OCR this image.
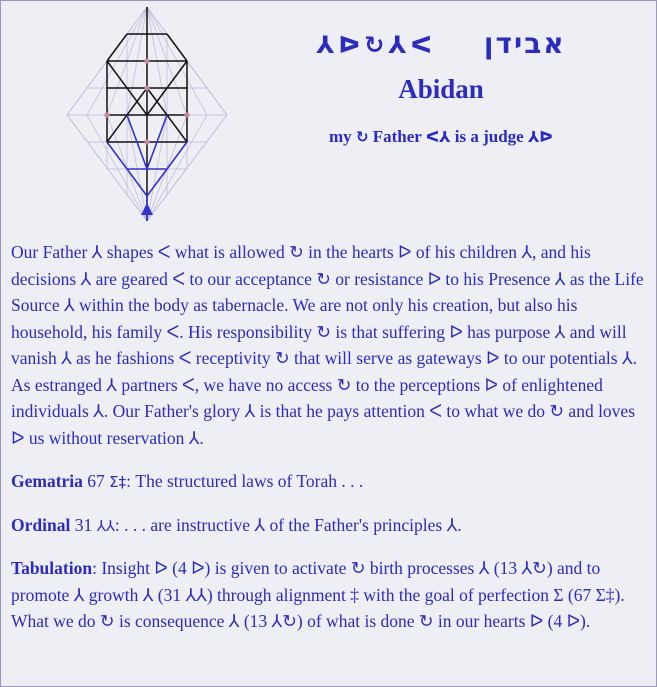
⅄ᐅ↻⅄ᐸ אבידן
Abidan
my ↻ Father ᐸ⅄ is a judge ⅄ᐅ

Our Father ⅄ shapes ᐸ what is allowed ↻ in the hearts ᐅ of his children ⅄, and his decisions ⅄ are geared ᐸ to our acceptance ↻ or resistance ᐅ to his Presence ⅄ as the Life Source ⅄ within the body as tabernacle. We are not only his creation, but also his household, his family ᐸ. His responsibility ↻ is that suffering ᐅ has purpose ⅄ and will vanish ⅄ as he fashions ᐸ receptivity ↻ that will serve as gateways ᐅ to our potentials ⅄. As estranged ⅄ partners ᐸ, we have no access ↻ to the perceptions ᐅ of enlightened individuals ⅄. Our Father's glory ⅄ is that he pays attention ᐸ to what we do ↻ and loves ᐅ us without reservation ⅄.

Gematria 67 Σ‡: The structured laws of Torah . . .

Ordinal 31 ⅄⅄: . . . are instructive ⅄ of the Father's principles ⅄.

Tabulation: Insight ᐅ (4 ᐅ) is given to activate ↻ birth processes ⅄ (13 ⅄↻) and to promote ⅄ growth ⅄ (31 ⅄⅄) through alignment ‡ with the goal of perfection Σ (67 Σ‡). What we do ↻ is consequence ⅄ (13 ⅄↻) of what is done ↻ in our hearts ᐅ (4 ᐅ).
